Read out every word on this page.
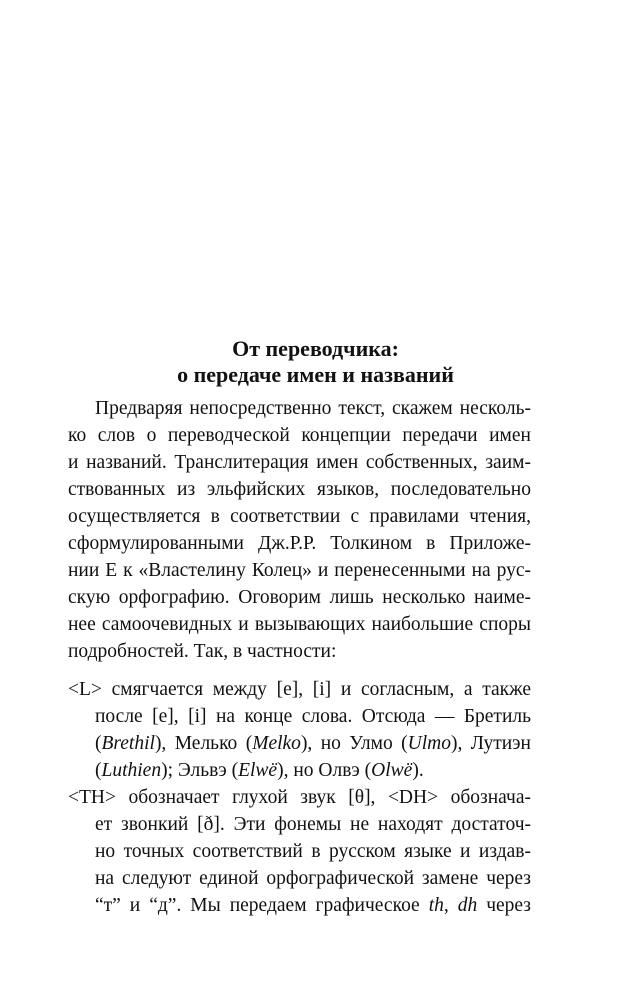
От переводчика:
о передаче имен и названий
Предваряя непосредственно текст, скажем несколь-
ко слов о переводческой концепции передачи имен
и названий. Транслитерация имен собственных, заим-
ствованных из эльфийских языков, последовательно
осуществляется в соответствии с правилами чтения,
сформулированными Дж.Р.Р. Толкином в Приложе-
нии Е к «Властелину Колец» и перенесенными на рус-
скую орфографию. Оговорим лишь несколько наиме-
нее самоочевидных и вызывающих наибольшие споры
подробностей. Так, в частности:
<L> смягчается между [e], [i] и согласным, а также
после [e], [i] на конце слова. Отсюда — Бретиль
(Brethil), Мелько (Melko), но Улмо (Ulmo), Лутиэн
(Luthien); Эльвэ (Elwë), но Олвэ (Olwë).
<TH> обозначает глухой звук [θ], <DH> обознача-
ет звонкий [ð]. Эти фонемы не находят достаточ-
но точных соответствий в русском языке и издав-
на следуют единой орфографической замене через
“т” и “д”. Мы передаем графическое th, dh через
